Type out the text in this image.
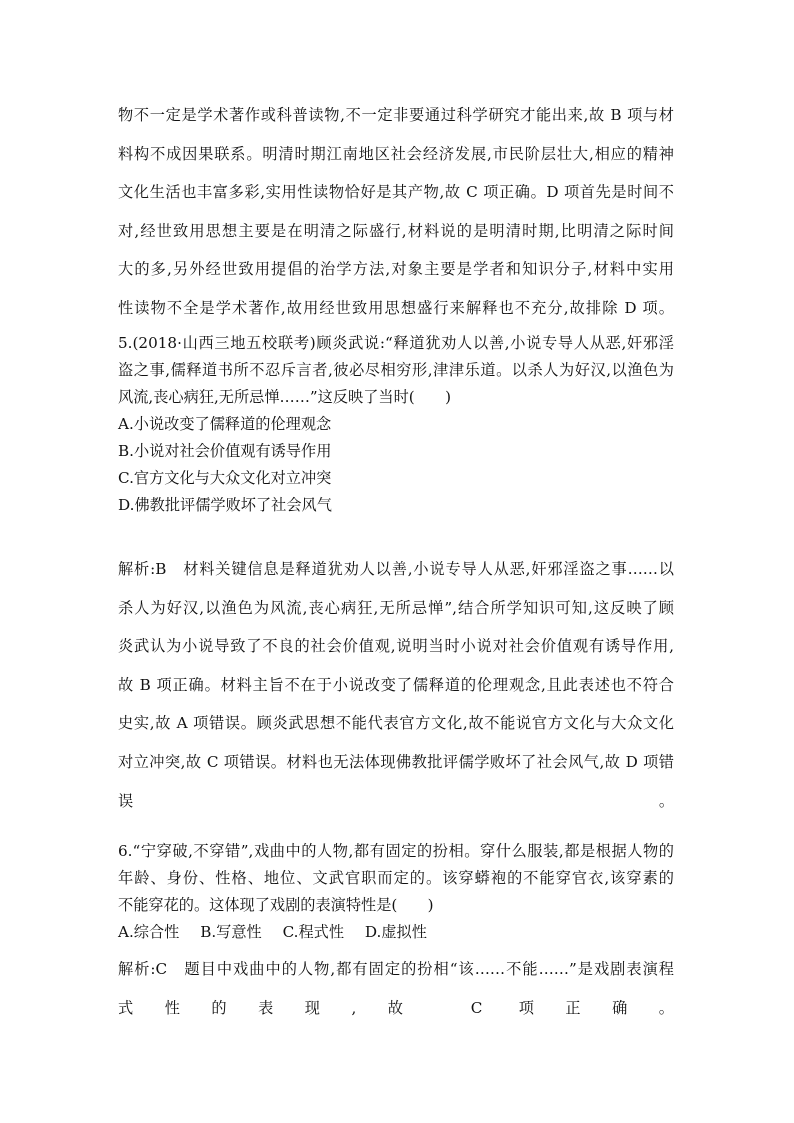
物不一定是学术著作或科普读物,不一定非要通过科学研究才能出来,故 B 项与材
料构不成因果联系。明清时期江南地区社会经济发展,市民阶层壮大,相应的精神
文化生活也丰富多彩,实用性读物恰好是其产物,故 C 项正确。D 项首先是时间不
对,经世致用思想主要是在明清之际盛行,材料说的是明清时期,比明清之际时间
大的多,另外经世致用提倡的治学方法,对象主要是学者和知识分子,材料中实用
性读物不全是学术著作,故用经世致用思想盛行来解释也不充分,故排除 D 项。
5.(2018·山西三地五校联考)顾炎武说:“释道犹劝人以善,小说专导人从恶,奸邪淫
盗之事,儒释道书所不忍斥言者,彼必尽相穷形,津津乐道。以杀人为好汉,以渔色为
风流,丧心病狂,无所忌惮……”这反映了当时(　　)
A.小说改变了儒释道的伦理观念
B.小说对社会价值观有诱导作用
C.官方文化与大众文化对立冲突
D.佛教批评儒学败坏了社会风气
解析:B　材料关键信息是释道犹劝人以善,小说专导人从恶,奸邪淫盗之事……以
杀人为好汉,以渔色为风流,丧心病狂,无所忌惮”,结合所学知识可知,这反映了顾
炎武认为小说导致了不良的社会价值观,说明当时小说对社会价值观有诱导作用,
故 B 项正确。材料主旨不在于小说改变了儒释道的伦理观念,且此表述也不符合
史实,故 A 项错误。顾炎武思想不能代表官方文化,故不能说官方文化与大众文化
对立冲突,故 C 项错误。材料也无法体现佛教批评儒学败坏了社会风气,故 D 项错
误。
6.“宁穿破,不穿错”,戏曲中的人物,都有固定的扮相。穿什么服装,都是根据人物的
年龄、身份、性格、地位、文武官职而定的。该穿蟒袍的不能穿官衣,该穿素的
不能穿花的。这体现了戏剧的表演特性是(　　)
A.综合性 B.写意性 C.程式性 D.虚拟性
解析:C　题目中戏曲中的人物,都有固定的扮相“该……不能……”是戏剧表演程
式性的表现,故 C 项正确。
